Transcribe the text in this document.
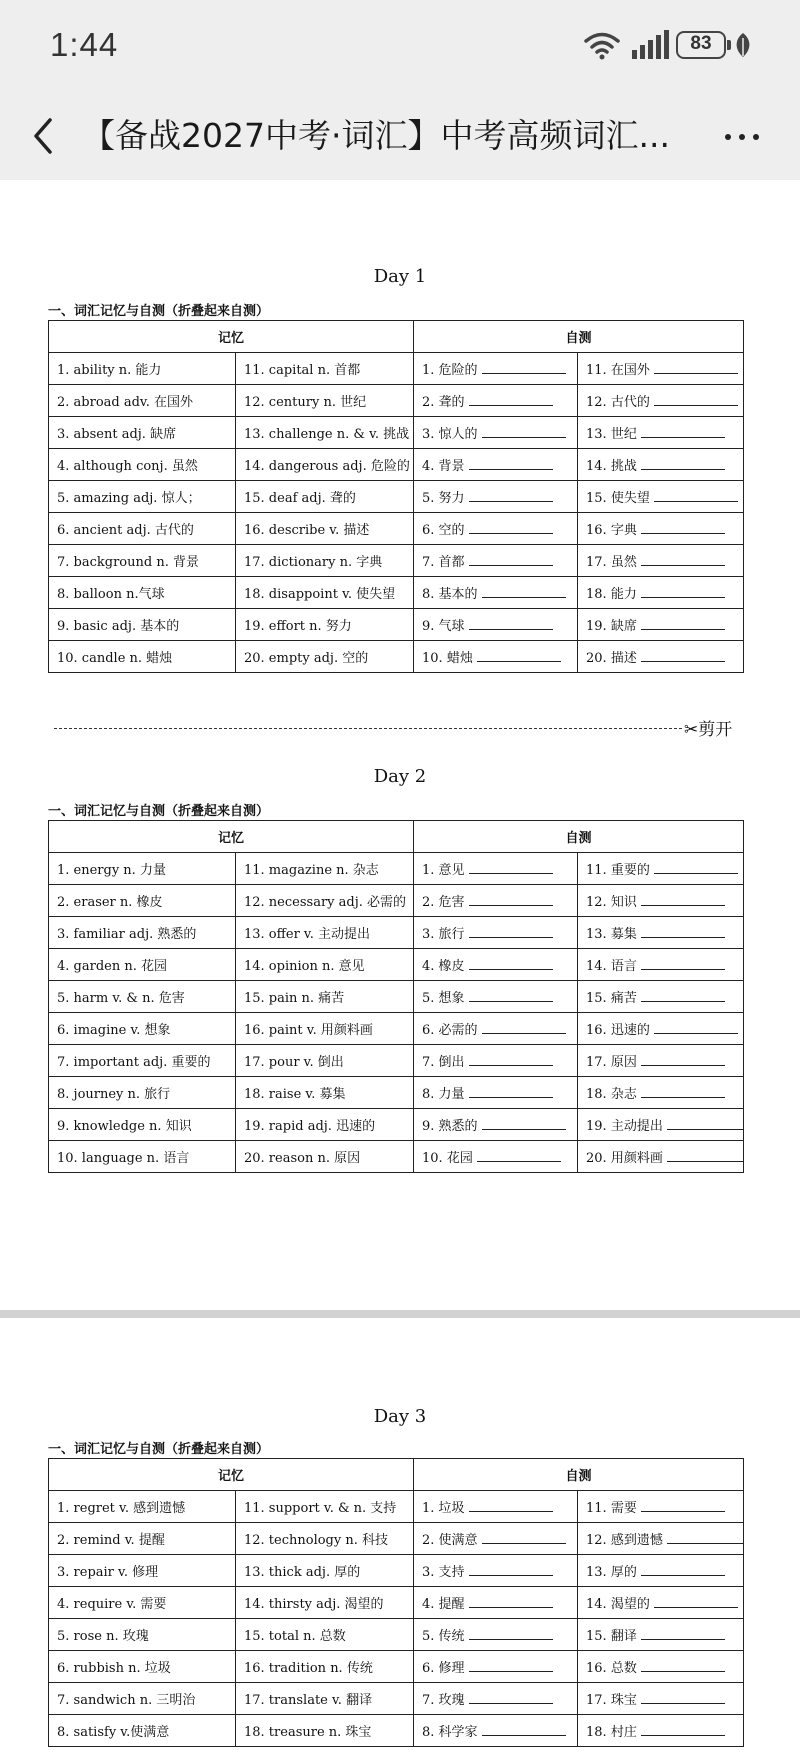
1:44	83
【备战2027中考·词汇】中考高频词汇...
Day 1
一、词汇记忆与自测（折叠起来自测）
记忆		自测	
1. ability n. 能力	11. capital n. 首都	1. 危险的	11. 在国外
2. abroad adv. 在国外	12. century n. 世纪	2. 聋的	12. 古代的
3. absent adj. 缺席	13. challenge n. & v. 挑战	3. 惊人的	13. 世纪
4. although conj. 虽然	14. dangerous adj. 危险的	4. 背景	14. 挑战
5. amazing adj. 惊人；	15. deaf adj. 聋的	5. 努力	15. 使失望
6. ancient adj. 古代的	16. describe v. 描述	6. 空的	16. 字典
7. background n. 背景	17. dictionary n. 字典	7. 首都	17. 虽然
8. balloon n.气球	18. disappoint v. 使失望	8. 基本的	18. 能力
9. basic adj. 基本的	19. effort n. 努力	9. 气球	19. 缺席
10. candle n. 蜡烛	20. empty adj. 空的	10. 蜡烛	20. 描述
✂剪开
Day 2
一、词汇记忆与自测（折叠起来自测）
记忆		自测	
1. energy n. 力量	11. magazine n. 杂志	1. 意见	11. 重要的
2. eraser n. 橡皮	12. necessary adj. 必需的	2. 危害	12. 知识
3. familiar adj. 熟悉的	13. offer v. 主动提出	3. 旅行	13. 募集
4. garden n. 花园	14. opinion n. 意见	4. 橡皮	14. 语言
5. harm v. & n. 危害	15. pain n. 痛苦	5. 想象	15. 痛苦
6. imagine v. 想象	16. paint v. 用颜料画	6. 必需的	16. 迅速的
7. important adj. 重要的	17. pour v. 倒出	7. 倒出	17. 原因
8. journey n. 旅行	18. raise v. 募集	8. 力量	18. 杂志
9. knowledge n. 知识	19. rapid adj. 迅速的	9. 熟悉的	19. 主动提出
10. language n. 语言	20. reason n. 原因	10. 花园	20. 用颜料画
Day 3
一、词汇记忆与自测（折叠起来自测）
记忆		自测	
1. regret v. 感到遗憾	11. support v. & n. 支持	1. 垃圾	11. 需要
2. remind v. 提醒	12. technology n. 科技	2. 使满意	12. 感到遗憾
3. repair v. 修理	13. thick adj. 厚的	3. 支持	13. 厚的
4. require v. 需要	14. thirsty adj. 渴望的	4. 提醒	14. 渴望的
5. rose n. 玫瑰	15. total n. 总数	5. 传统	15. 翻译
6. rubbish n. 垃圾	16. tradition n. 传统	6. 修理	16. 总数
7. sandwich n. 三明治	17. translate v. 翻译	7. 玫瑰	17. 珠宝
8. satisfy v.使满意	18. treasure n. 珠宝	8. 科学家	18. 村庄
